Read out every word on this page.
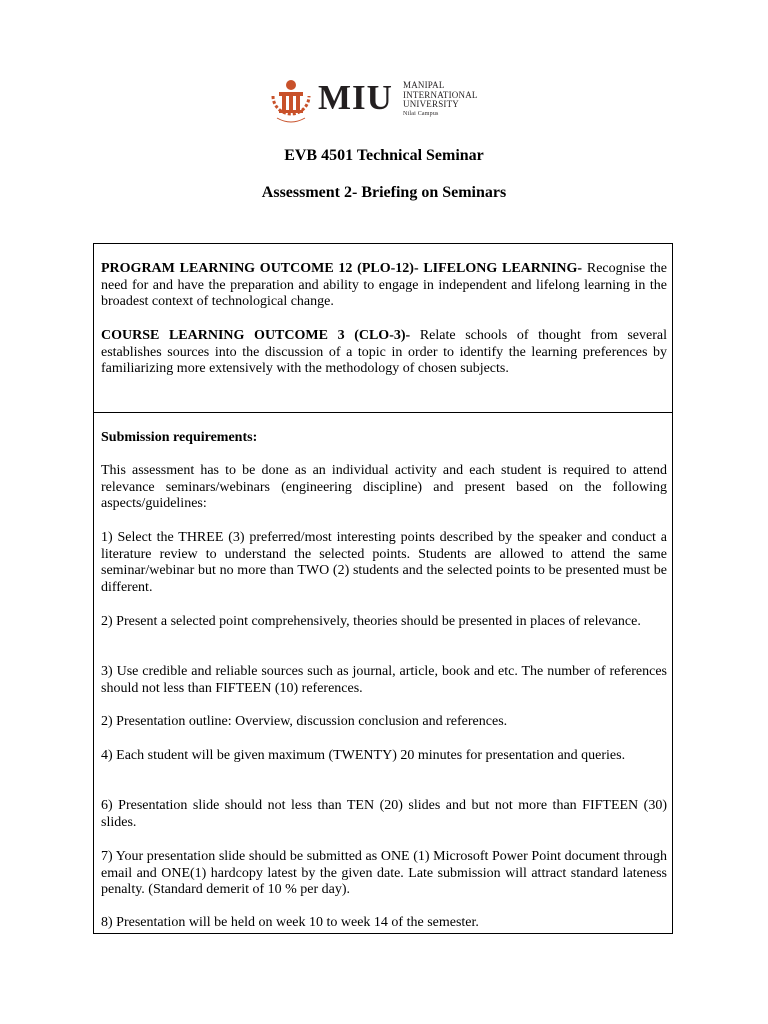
MIU MANIPAL
INTERNATIONAL
UNIVERSITY
Nilai Campus
EVB 4501 Technical Seminar
Assessment 2- Briefing on Seminars
PROGRAM LEARNING OUTCOME 12 (PLO-12)- LIFELONG LEARNING- Recognise the need for and have the preparation and ability to engage in independent and lifelong learning in the broadest context of technological change.
COURSE LEARNING OUTCOME 3 (CLO-3)- Relate schools of thought from several establishes sources into the discussion of a topic in order to identify the learning preferences by familiarizing more extensively with the methodology of chosen subjects.
Submission requirements:
This assessment has to be done as an individual activity and each student is required to attend relevance seminars/webinars (engineering discipline) and present based on the following aspects/guidelines:
1) Select the THREE (3) preferred/most interesting points described by the speaker and conduct a literature review to understand the selected points. Students are allowed to attend the same seminar/webinar but no more than TWO (2) students and the selected points to be presented must be different.
2) Present a selected point comprehensively, theories should be presented in places of relevance.
3) Use credible and reliable sources such as journal, article, book and etc. The number of references should not less than FIFTEEN (10) references.
2) Presentation outline: Overview, discussion conclusion and references.
4) Each student will be given maximum (TWENTY) 20 minutes for presentation and queries.
6) Presentation slide should not less than TEN (20) slides and but not more than FIFTEEN (30) slides.
7) Your presentation slide should be submitted as ONE (1) Microsoft Power Point document through email and ONE(1) hardcopy latest by the given date. Late submission will attract standard lateness penalty. (Standard demerit of 10 % per day).
8) Presentation will be held on week 10 to week 14 of the semester.
